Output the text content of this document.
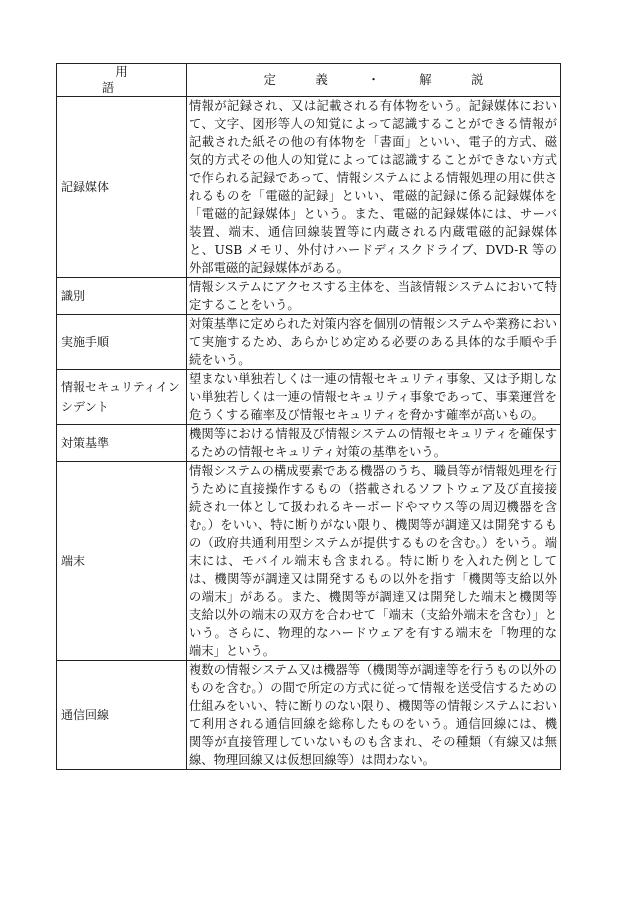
用 語	定 義 ・ 解 説
記録媒体	情報が記録され、又は記載される有体物をいう。記録媒体において、文字、図形等人の知覚によって認識することができる情報が記載された紙その他の有体物を「書面」といい、電子的方式、磁気的方式その他人の知覚によっては認識することができない方式で作られる記録であって、情報システムによる情報処理の用に供されるものを「電磁的記録」といい、電磁的記録に係る記録媒体を「電磁的記録媒体」という。また、電磁的記録媒体には、サーバ装置、端末、通信回線装置等に内蔵される内蔵電磁的記録媒体と、USB メモリ、外付けハードディスクドライブ、DVD-R 等の外部電磁的記録媒体がある。
識別	情報システムにアクセスする主体を、当該情報システムにおいて特定することをいう。
実施手順	対策基準に定められた対策内容を個別の情報システムや業務において実施するため、あらかじめ定める必要のある具体的な手順や手続をいう。
情報セキュリティインシデント	望まない単独若しくは一連の情報セキュリティ事象、又は予期しない単独若しくは一連の情報セキュリティ事象であって、事業運営を危うくする確率及び情報セキュリティを脅かす確率が高いもの。
対策基準	機関等における情報及び情報システムの情報セキュリティを確保するための情報セキュリティ対策の基準をいう。
端末	情報システムの構成要素である機器のうち、職員等が情報処理を行うために直接操作するもの（搭載されるソフトウェア及び直接接続され一体として扱われるキーボードやマウス等の周辺機器を含む。）をいい、特に断りがない限り、機関等が調達又は開発するもの（政府共通利用型システムが提供するものを含む。）をいう。端末には、モバイル端末も含まれる。特に断りを入れた例としては、機関等が調達又は開発するもの以外を指す「機関等支給以外の端末」がある。また、機関等が調達又は開発した端末と機関等支給以外の端末の双方を合わせて「端末（支給外端末を含む）」という。さらに、物理的なハードウェアを有する端末を「物理的な端末」という。
通信回線	複数の情報システム又は機器等（機関等が調達等を行うもの以外のものを含む。）の間で所定の方式に従って情報を送受信するための仕組みをいい、特に断りのない限り、機関等の情報システムにおいて利用される通信回線を総称したものをいう。通信回線には、機関等が直接管理していないものも含まれ、その種類（有線又は無線、物理回線又は仮想回線等）は問わない。
